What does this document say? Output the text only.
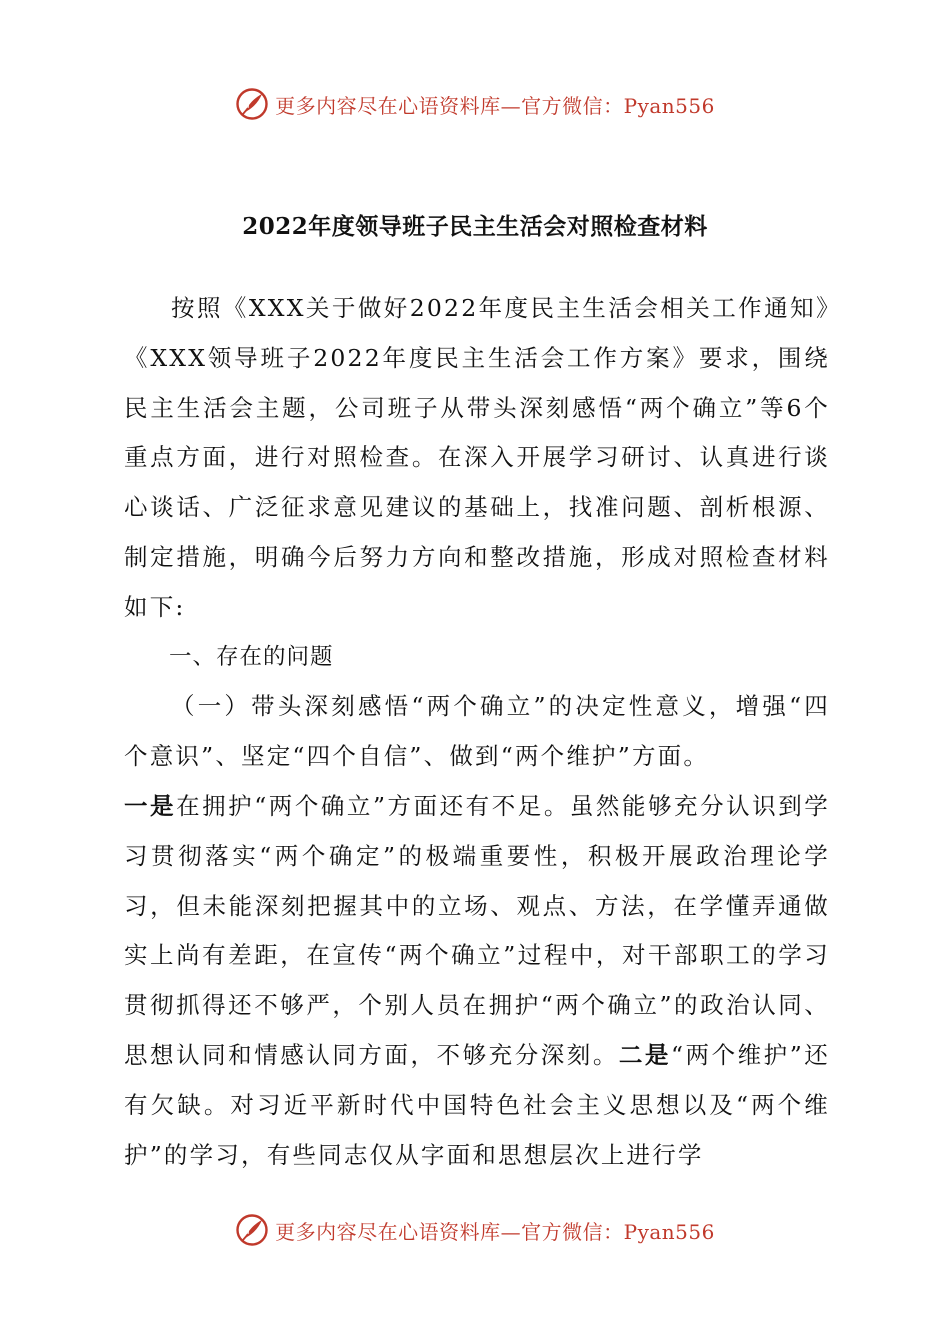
更多内容尽在心语资料库—官方微信：Pyan556
2022年度领导班子民主生活会对照检查材料

按照《XXX关于做好2022年度民主生活会相关工作通知》《XXX领导班子2022年度民主生活会工作方案》要求，围绕民主生活会主题，公司班子从带头深刻感悟“两个确立”等6个重点方面，进行对照检查。在深入开展学习研讨、认真进行谈心谈话、广泛征求意见建议的基础上，找准问题、剖析根源、制定措施，明确今后努力方向和整改措施，形成对照检查材料如下:

一、存在的问题

（一）带头深刻感悟“两个确立”的决定性意义，增强“四个意识”、坚定“四个自信”、做到“两个维护”方面。

一是在拥护“两个确立”方面还有不足。虽然能够充分认识到学习贯彻落实“两个确定”的极端重要性，积极开展政治理论学习，但未能深刻把握其中的立场、观点、方法，在学懂弄通做实上尚有差距，在宣传“两个确立”过程中，对干部职工的学习贯彻抓得还不够严，个别人员在拥护“两个确立”的政治认同、思想认同和情感认同方面，不够充分深刻。二是“两个维护”还有欠缺。对习近平新时代中国特色社会主义思想以及“两个维护”的学习，有些同志仅从字面和思想层次上进行学

更多内容尽在心语资料库—官方微信：Pyan556
